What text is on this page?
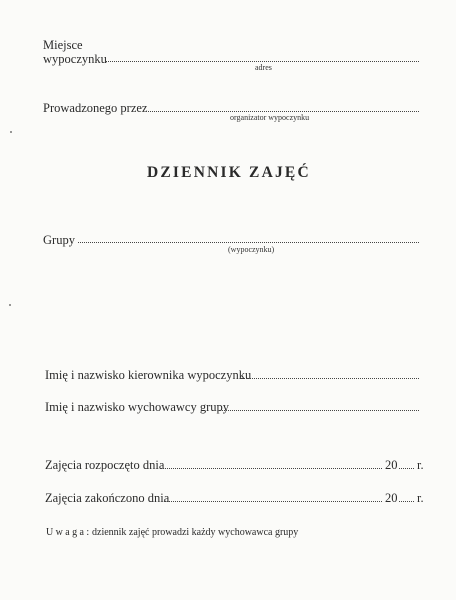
Miejsce
wypoczynku
adres
Prowadzonego przez
organizator wypoczynku
DZIENNIK ZAJĘĆ
Grupy
(wypoczynku)
Imię i nazwisko kierownika wypoczynku
Imię i nazwisko wychowawcy grupy
Zajęcia rozpoczęto dnia	20 r.
Zajęcia zakończono dnia	20 r.
Uwaga: dziennik zajęć prowadzi każdy wychowawca grupy
